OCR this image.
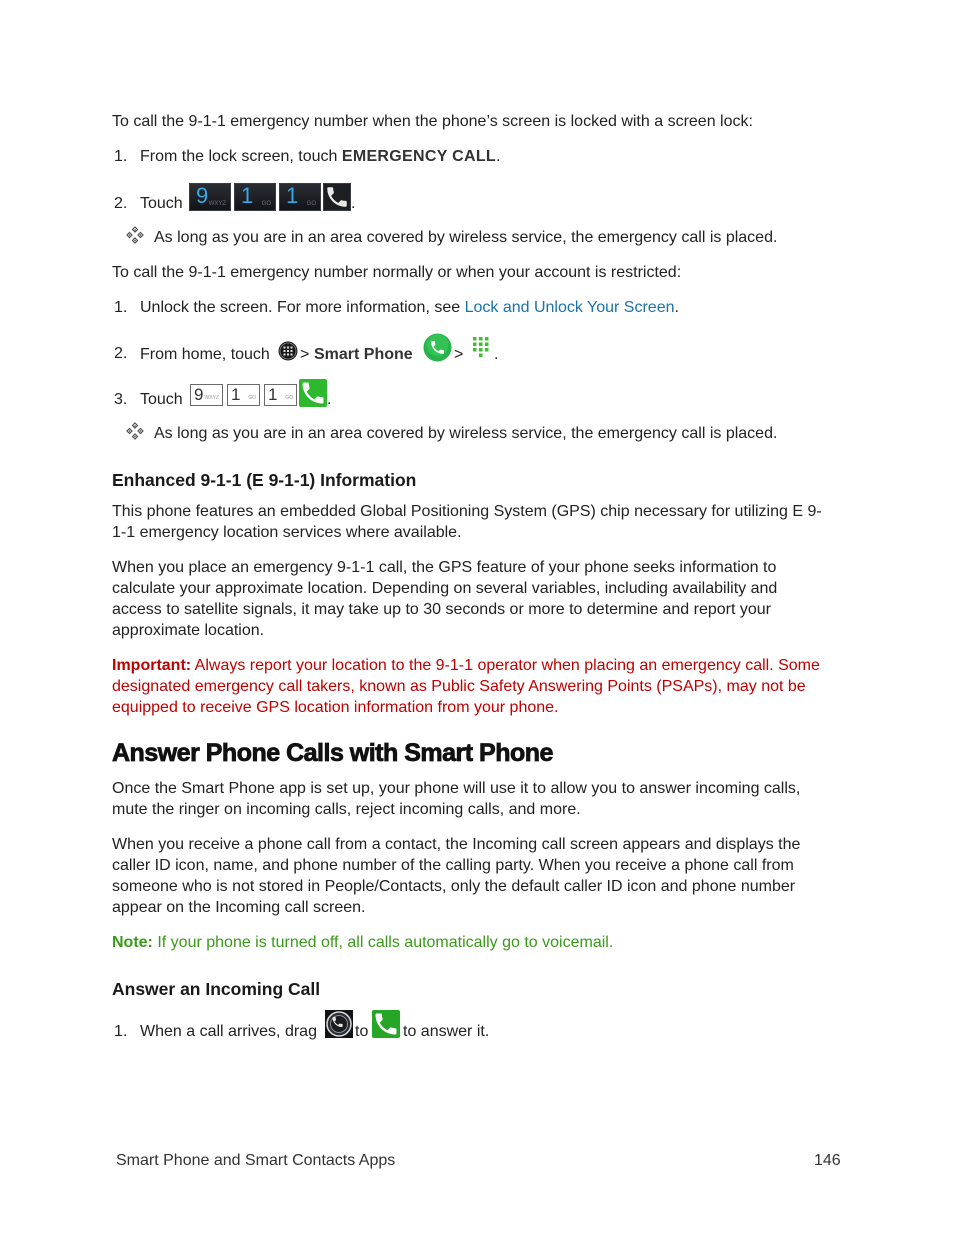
To call the 9-1-1 emergency number when the phone’s screen is locked with a screen lock:
1. From the lock screen, touch EMERGENCY CALL.
2. Touch 9 WXYZ 1 GO 1 GO .
As long as you are in an area covered by wireless service, the emergency call is placed.
To call the 9-1-1 emergency number normally or when your account is restricted:
1. Unlock the screen. For more information, see Lock and Unlock Your Screen.
2. From home, touch > Smart Phone	> .
3. Touch 9 WXYZ 1 GO 1 GO .
As long as you are in an area covered by wireless service, the emergency call is placed.
Enhanced 9-1-1 (E 9-1-1) Information
This phone features an embedded Global Positioning System (GPS) chip necessary for utilizing E 9-
1-1 emergency location services where available.
When you place an emergency 9-1-1 call, the GPS feature of your phone seeks information to calculate your approximate location. Depending on several variables, including availability and access to satellite signals, it may take up to 30 seconds or more to determine and report your approximate location.
Important: Always report your location to the 9-1-1 operator when placing an emergency call. Some designated emergency call takers, known as Public Safety Answering Points (PSAPs), may not be equipped to receive GPS location information from your phone.
Answer Phone Calls with Smart Phone
Once the Smart Phone app is set up, your phone will use it to allow you to answer incoming calls, mute the ringer on incoming calls, reject incoming calls, and more.
When you receive a phone call from a contact, the Incoming call screen appears and displays the caller ID icon, name, and phone number of the calling party. When you receive a phone call from someone who is not stored in People/Contacts, only the default caller ID icon and phone number appear on the Incoming call screen.
Note: If your phone is turned off, all calls automatically go to voicemail.
Answer an Incoming Call
1. When a call arrives, drag to to answer it.
Smart Phone and Smart Contacts Apps	146
